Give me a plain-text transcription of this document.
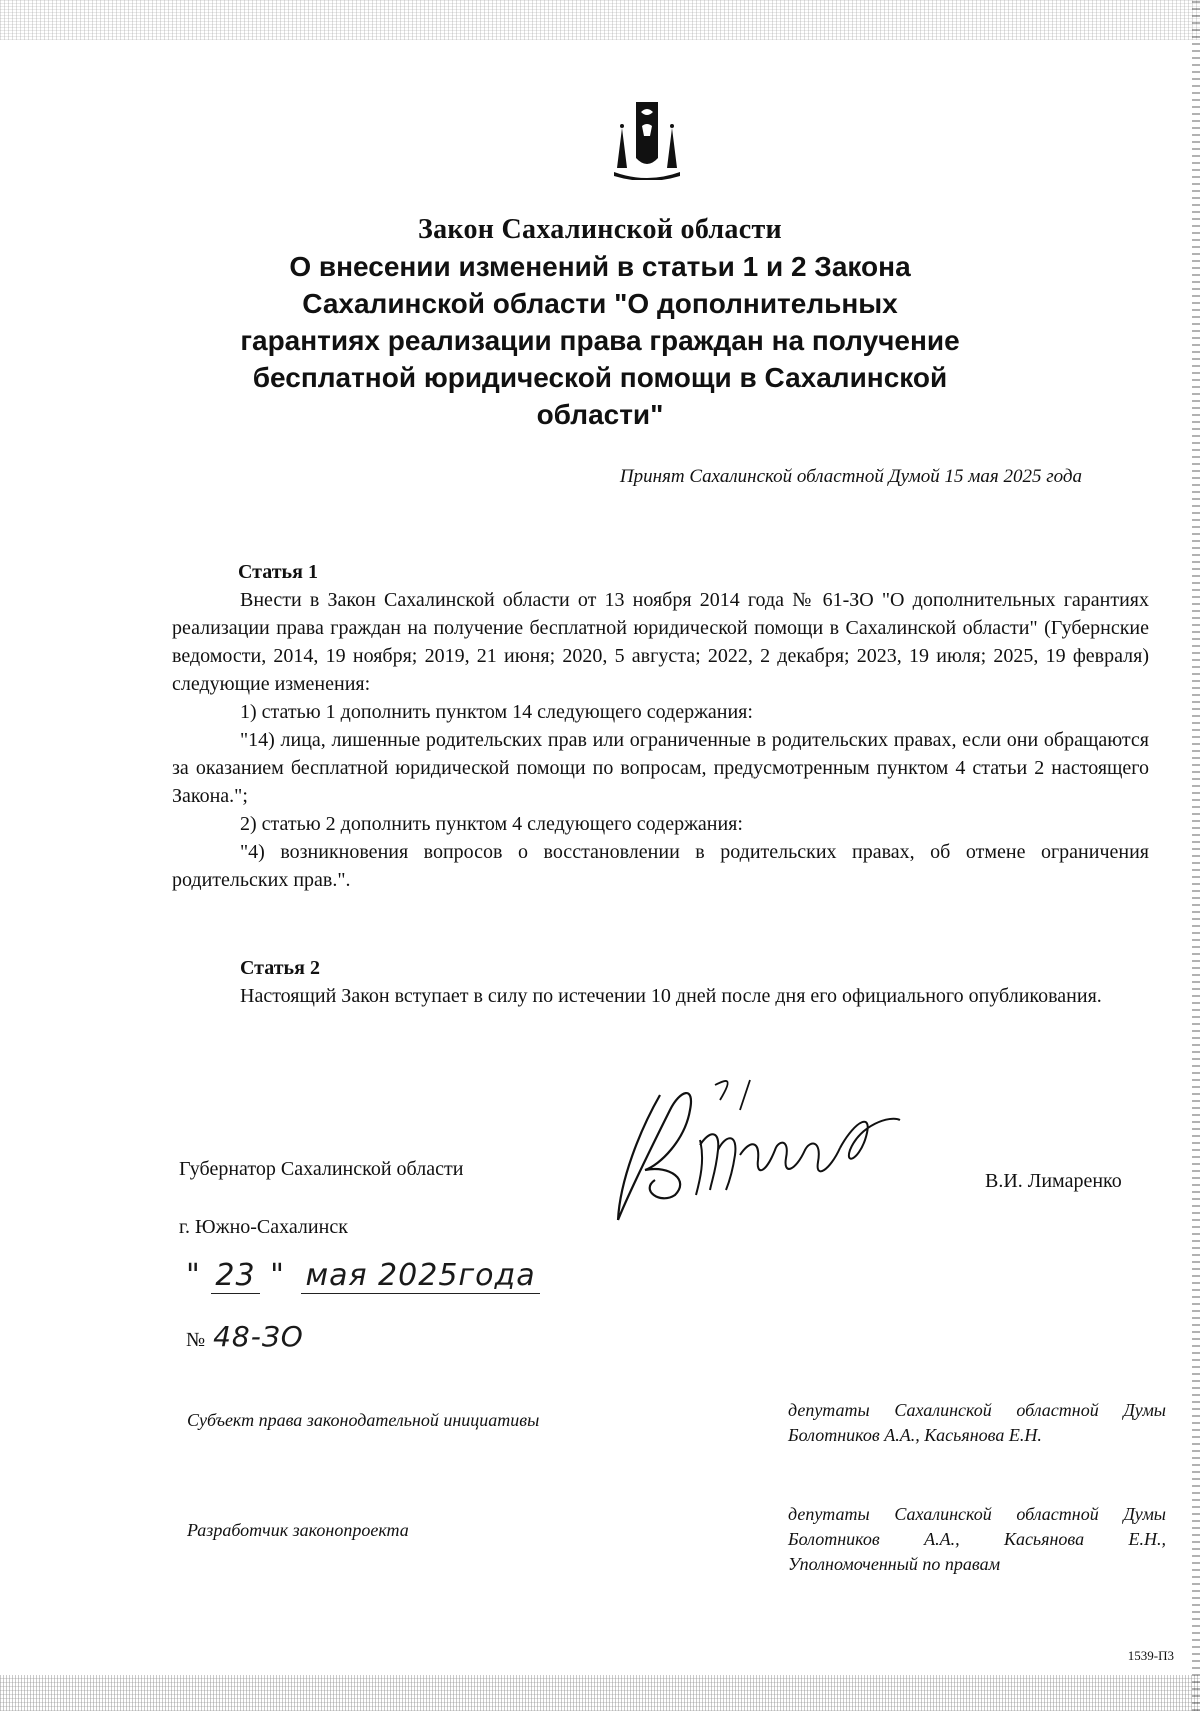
Закон Сахалинской области
О внесении изменений в статьи 1 и 2 Закона
Сахалинской области "О дополнительных
гарантиях реализации права граждан на получение
бесплатной юридической помощи в Сахалинской
области"
Принят Сахалинской областной Думой 15 мая 2025 года

Статья 1

Внести в Закон Сахалинской области от 13 ноября 2014 года № 61-ЗО "О дополнительных гарантиях реализации права граждан на получение бесплатной юридической помощи в Сахалинской области" (Губернские ведомости, 2014, 19 ноября; 2019, 21 июня; 2020, 5 августа; 2022, 2 декабря; 2023, 19 июля; 2025, 19 февраля) следующие изменения:

1) статью 1 дополнить пунктом 14 следующего содержания:

"14) лица, лишенные родительских прав или ограниченные в родительских правах, если они обращаются за оказанием бесплатной юридической помощи по вопросам, предусмотренным пунктом 4 статьи 2 настоящего Закона.";

2) статью 2 дополнить пунктом 4 следующего содержания:

"4) возникновения вопросов о восстановлении в родительских правах, об отмене ограничения родительских прав.".

Статья 2

Настоящий Закон вступает в силу по истечении 10 дней после дня его официального опубликования.

Губернатор Сахалинской области
В.И. Лимаренко
г. Южно-Сахалинск
" 23 " мая 2025года
№ 48-ЗО
Субъект права законодательной инициативы	депутаты Сахалинской областной Думы Болотников А.А., Касьянова Е.Н.
Разработчик законопроекта
депутаты Сахалинской областной Думы Болотников А.А., Касьянова Е.Н., Уполномоченный по правам
1539-П3
